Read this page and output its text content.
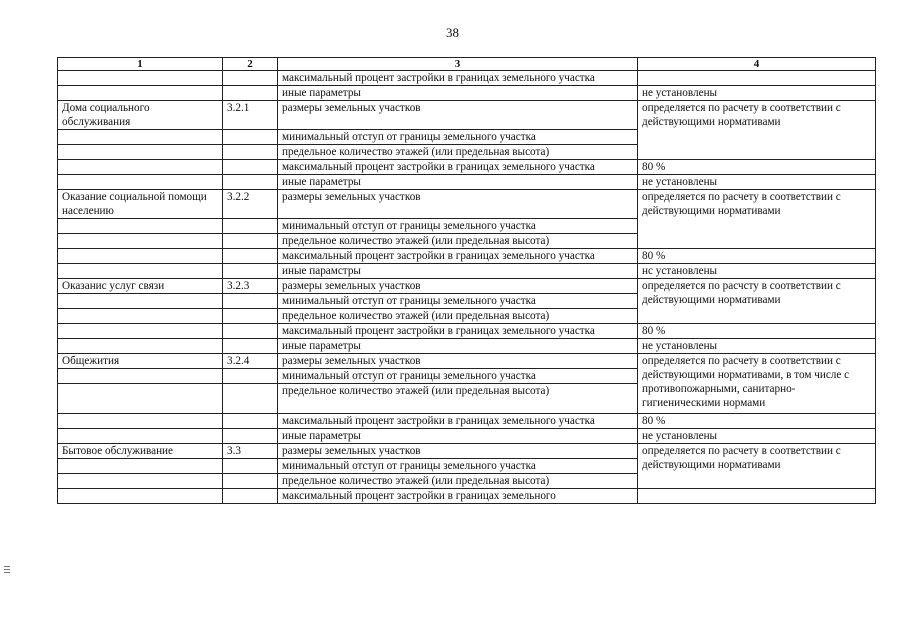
38
1	2	3	4
		максимальный процент застройки в границах земельного участка	
		иные параметры	не установлены
Дома социального обслуживания	3.2.1	размеры земельных участков	определяется по расчету в соответствии с действующими нормативами
		минимальный отступ от границы земельного участка	
		предельное количество этажей (или предельная высота)	
		максимальный процент застройки в границах земельного участка	80 %
		иные параметры	не установлены
Оказание социальной помощи населению	3.2.2	размеры земельных участков	определяется по расчету в соответствии с действующими нормативами
		минимальный отступ от границы земельного участка	
		предельное количество этажей (или предельная высота)	
		максимальный процент застройки в границах земельного участка	80 %
		иные парамстры	нс установлены
Оказанис услуг связи	3.2.3	размеры земельных участков	определяется по расчсту в соответствии с действующими нормативами
		минимальный отступ от границы земельного участка	
		предельное количество этажей (или предельная высота)	
		максимальный процент застройки в границах земельного участка	80 %
		иные параметры	не установлены
Общежития	3.2.4	размеры земельных участков	определяется по расчету в соответствии с действующими нормативами, в том числе с противопожарными, санитарно-гигиеническими нормами
		минимальный отступ от границы земельного участка	
		предельное количество этажей (или предельная высота)	
		максимальный процент застройки в границах земельного участка	80 %
		иные параметры	не установлены
Бытовое обслуживание	3.3	размеры земельных участков	определяется по расчету в соответствии с действующими нормативами
		минимальный отступ от границы земельного участка	
		предельное количество этажей (или предельная высота)	
		максимальный процент застройки в границах земельного	
